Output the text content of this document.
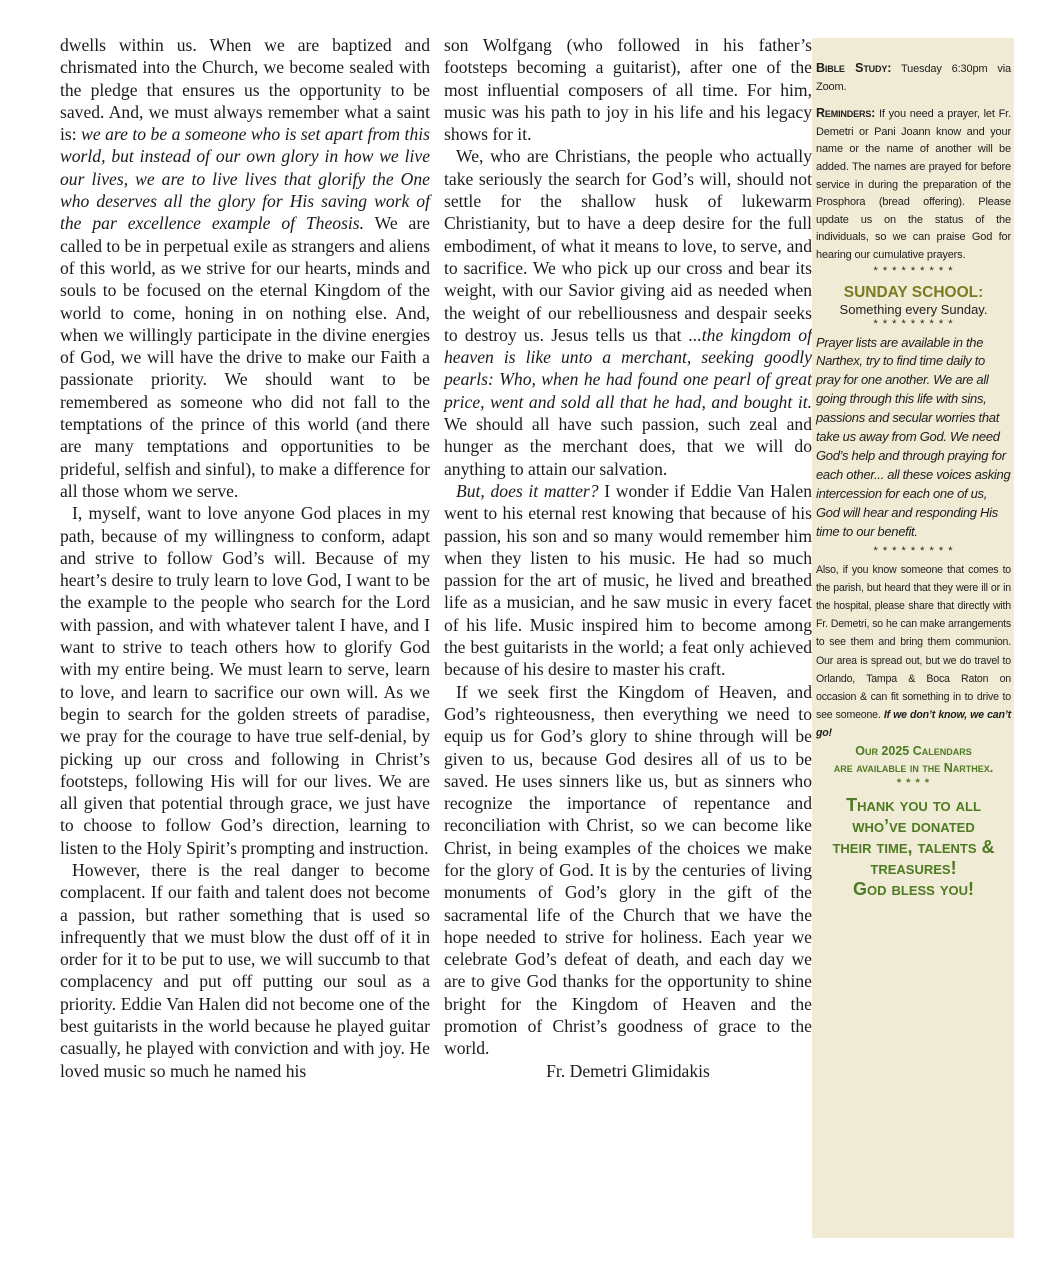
dwells within us. When we are baptized and chrismated into the Church, we become sealed with the pledge that ensures us the opportunity to be saved. And, we must always remember what a saint is: we are to be a someone who is set apart from this world, but instead of our own glory in how we live our lives, we are to live lives that glorify the One who deserves all the glory for His saving work of the par excellence example of Theosis. We are called to be in perpetual exile as strangers and aliens of this world, as we strive for our hearts, minds and souls to be focused on the eternal Kingdom of the world to come, honing in on nothing else. And, when we willingly participate in the divine energies of God, we will have the drive to make our Faith a passionate priority. We should want to be remembered as someone who did not fall to the temptations of the prince of this world (and there are many temptations and opportunities to be prideful, selfish and sinful), to make a difference for all those whom we serve.

I, myself, want to love anyone God places in my path, because of my willingness to conform, adapt and strive to follow God’s will. Because of my heart’s desire to truly learn to love God, I want to be the example to the people who search for the Lord with passion, and with whatever talent I have, and I want to strive to teach others how to glorify God with my entire being. We must learn to serve, learn to love, and learn to sacrifice our own will. As we begin to search for the golden streets of paradise, we pray for the courage to have true self-denial, by picking up our cross and following in Christ’s footsteps, following His will for our lives. We are all given that potential through grace, we just have to choose to follow God’s direction, learning to listen to the Holy Spirit’s prompting and instruction.

However, there is the real danger to become complacent. If our faith and talent does not become a passion, but rather something that is used so infrequently that we must blow the dust off of it in order for it to be put to use, we will succumb to that complacency and put off putting our soul as a priority. Eddie Van Halen did not become one of the best guitarists in the world because he played guitar casually, he played with conviction and with joy. He loved music so much he named his

son Wolfgang (who followed in his father’s footsteps becoming a guitarist), after one of the most influential composers of all time. For him, music was his path to joy in his life and his legacy shows for it.

We, who are Christians, the people who actually take seriously the search for God’s will, should not settle for the shallow husk of lukewarm Christianity, but to have a deep desire for the full embodiment, of what it means to love, to serve, and to sacrifice. We who pick up our cross and bear its weight, with our Savior giving aid as needed when the weight of our rebelliousness and despair seeks to destroy us. Jesus tells us that ...the kingdom of heaven is like unto a merchant, seeking goodly pearls: Who, when he had found one pearl of great price, went and sold all that he had, and bought it. We should all have such passion, such zeal and hunger as the merchant does, that we will do anything to attain our salvation.

But, does it matter? I wonder if Eddie Van Halen went to his eternal rest knowing that because of his passion, his son and so many would remember him when they listen to his music. He had so much passion for the art of music, he lived and breathed life as a musician, and he saw music in every facet of his life. Music inspired him to become among the best guitarists in the world; a feat only achieved because of his desire to master his craft.

If we seek first the Kingdom of Heaven, and God’s righteousness, then everything we need to equip us for God’s glory to shine through will be given to us, because God desires all of us to be saved. He uses sinners like us, but as sinners who recognize the importance of repentance and reconciliation with Christ, so we can become like Christ, in being examples of the choices we make for the glory of God. It is by the centuries of living monuments of God’s glory in the gift of the sacramental life of the Church that we have the hope needed to strive for holiness. Each year we celebrate God’s defeat of death, and each day we are to give God thanks for the opportunity to shine bright for the Kingdom of Heaven and the promotion of Christ’s goodness of grace to the world.

Fr. Demetri Glimidakis

Bible Study: Tuesday 6:30pm via Zoom.

Reminders: If you need a prayer, let Fr. Demetri or Pani Joann know and your name or the name of another will be added. The names are prayed for before service in during the preparation of the Prosphora (bread offering). Please update us on the status of the individuals, so we can praise God for hearing our cumulative prayers.

* * * * * * * * *

SUNDAY SCHOOL:

Something every Sunday.

* * * * * * * * *

Prayer lists are available in the Narthex, try to find time daily to pray for one another. We are all going through this life with sins, passions and secular worries that take us away from God. We need God’s help and through praying for each other... all these voices asking intercession for each one of us, God will hear and responding His time to our benefit.

* * * * * * * * *

Also, if you know someone that comes to the parish, but heard that they were ill or in the hospital, please share that directly with Fr. Demetri, so he can make arrangements to see them and bring them communion. Our area is spread out, but we do travel to Orlando, Tampa & Boca Raton on occasion & can fit something in to drive to see someone. If we don’t know, we can’t go!

Our 2025 Calendars

are available in the Narthex.

* * * *

Thank you to all
who’ve donated
their time, talents &
treasures!
God bless you!
